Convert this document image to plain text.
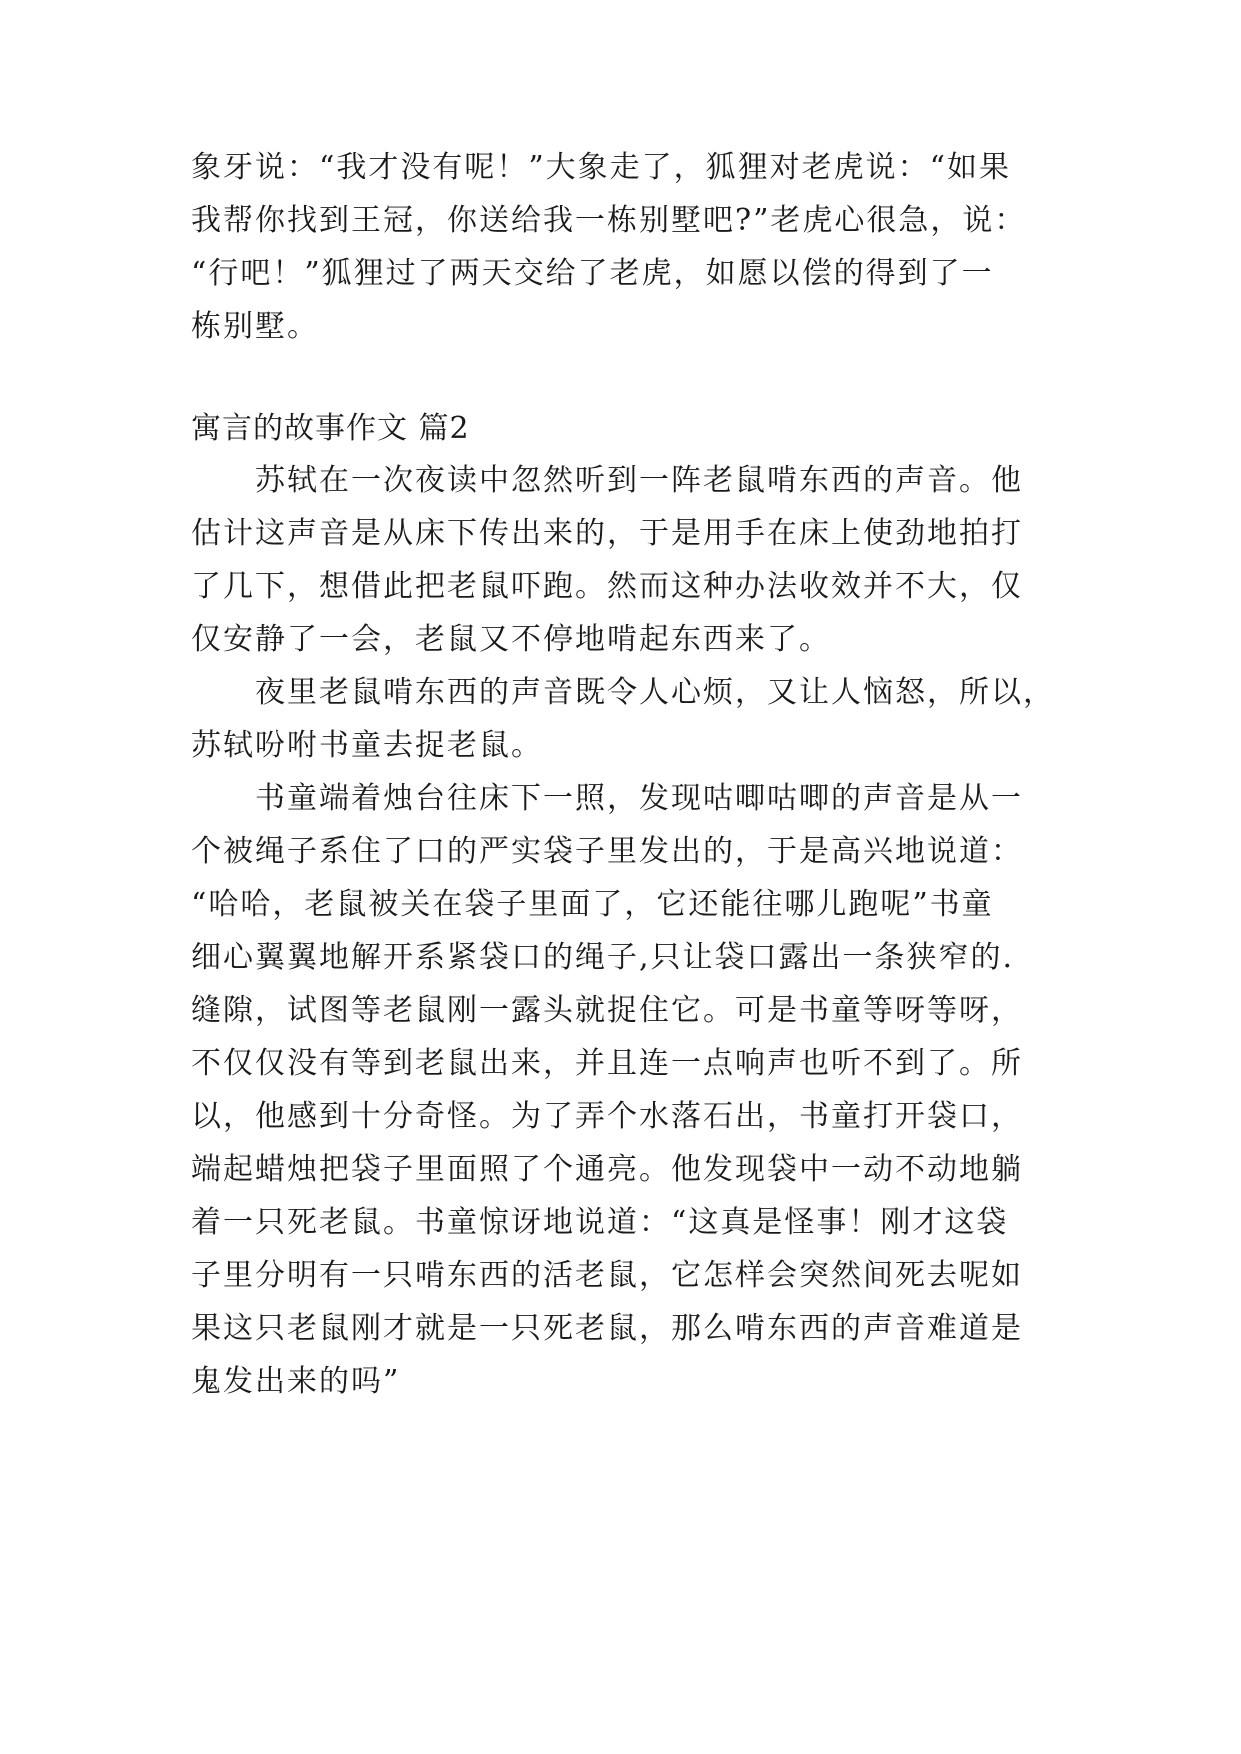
象牙说：“我才没有呢！”大象走了，狐狸对老虎说：“如果
我帮你找到王冠，你送给我一栋别墅吧?”老虎心很急，说：
“行吧！”狐狸过了两天交给了老虎，如愿以偿的得到了一
栋别墅。
寓言的故事作文 篇2
苏轼在一次夜读中忽然听到一阵老鼠啃东西的声音。他
估计这声音是从床下传出来的，于是用手在床上使劲地拍打
了几下，想借此把老鼠吓跑。然而这种办法收效并不大，仅
仅安静了一会，老鼠又不停地啃起东西来了。
夜里老鼠啃东西的声音既令人心烦，又让人恼怒，所以，
苏轼吩咐书童去捉老鼠。
书童端着烛台往床下一照，发现咕唧咕唧的声音是从一
个被绳子系住了口的严实袋子里发出的，于是高兴地说道：
“哈哈，老鼠被关在袋子里面了，它还能往哪儿跑呢”书童
细心翼翼地解开系紧袋口的绳子,只让袋口露出一条狭窄的.
缝隙，试图等老鼠刚一露头就捉住它。可是书童等呀等呀，
不仅仅没有等到老鼠出来，并且连一点响声也听不到了。所
以，他感到十分奇怪。为了弄个水落石出，书童打开袋口，
端起蜡烛把袋子里面照了个通亮。他发现袋中一动不动地躺
着一只死老鼠。书童惊讶地说道：“这真是怪事！刚才这袋
子里分明有一只啃东西的活老鼠，它怎样会突然间死去呢如
果这只老鼠刚才就是一只死老鼠，那么啃东西的声音难道是
鬼发出来的吗”
